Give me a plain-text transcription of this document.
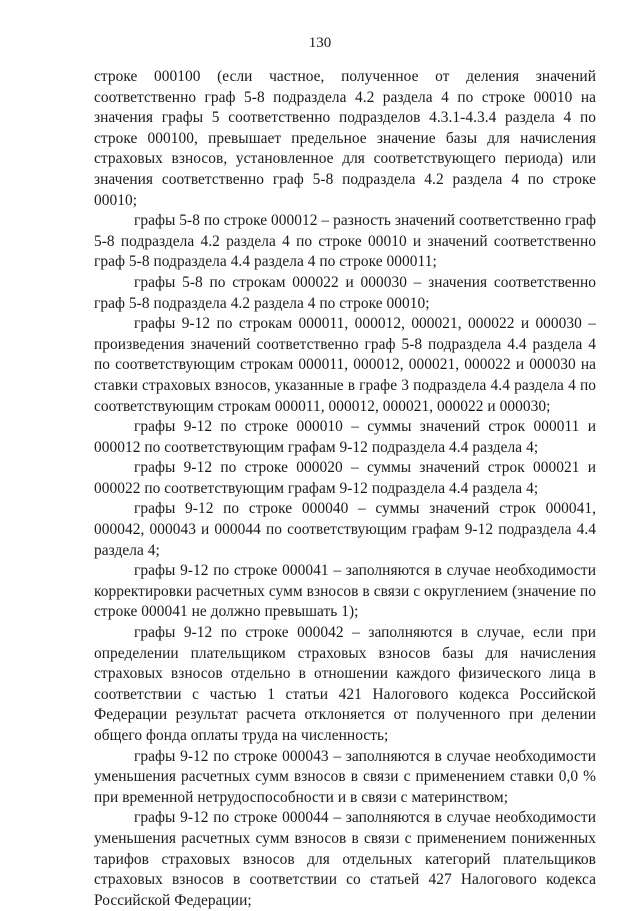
130

строке 000100 (если частное, полученное от деления значений соответственно граф 5-8 подраздела 4.2 раздела 4 по строке 00010 на значения графы 5 соответственно подразделов 4.3.1-4.3.4 раздела 4 по строке 000100, превышает предельное значение базы для начисления страховых взносов, установленное для соответствующего периода) или значения соответственно граф 5-8 подраздела 4.2 раздела 4 по строке 00010;

графы 5-8 по строке 000012 – разность значений соответственно граф 5-8 подраздела 4.2 раздела 4 по строке 00010 и значений соответственно граф 5-8 подраздела 4.4 раздела 4 по строке 000011;

графы 5-8 по строкам 000022 и 000030 – значения соответственно граф 5-8 подраздела 4.2 раздела 4 по строке 00010;

графы 9-12 по строкам 000011, 000012, 000021, 000022 и 000030 – произведения значений соответственно граф 5-8 подраздела 4.4 раздела 4 по соответствующим строкам 000011, 000012, 000021, 000022 и 000030 на ставки страховых взносов, указанные в графе 3 подраздела 4.4 раздела 4 по соответствующим строкам 000011, 000012, 000021, 000022 и 000030;

графы 9-12 по строке 000010 – суммы значений строк 000011 и 000012 по соответствующим графам 9-12 подраздела 4.4 раздела 4;

графы 9-12 по строке 000020 – суммы значений строк 000021 и 000022 по соответствующим графам 9-12 подраздела 4.4 раздела 4;

графы 9-12 по строке 000040 – суммы значений строк 000041, 000042, 000043 и 000044 по соответствующим графам 9-12 подраздела 4.4 раздела 4;

графы 9-12 по строке 000041 – заполняются в случае необходимости корректировки расчетных сумм взносов в связи с округлением (значение по строке 000041 не должно превышать 1);

графы 9-12 по строке 000042 – заполняются в случае, если при определении плательщиком страховых взносов базы для начисления страховых взносов отдельно в отношении каждого физического лица в соответствии с частью 1 статьи 421 Налогового кодекса Российской Федерации результат расчета отклоняется от полученного при делении общего фонда оплаты труда на численность;

графы 9-12 по строке 000043 – заполняются в случае необходимости уменьшения расчетных сумм взносов в связи с применением ставки 0,0 % при временной нетрудоспособности и в связи с материнством;

графы 9-12 по строке 000044 – заполняются в случае необходимости уменьшения расчетных сумм взносов в связи с применением пониженных тарифов страховых взносов для отдельных категорий плательщиков страховых взносов в соответствии со статьей 427 Налогового кодекса Российской Федерации;
